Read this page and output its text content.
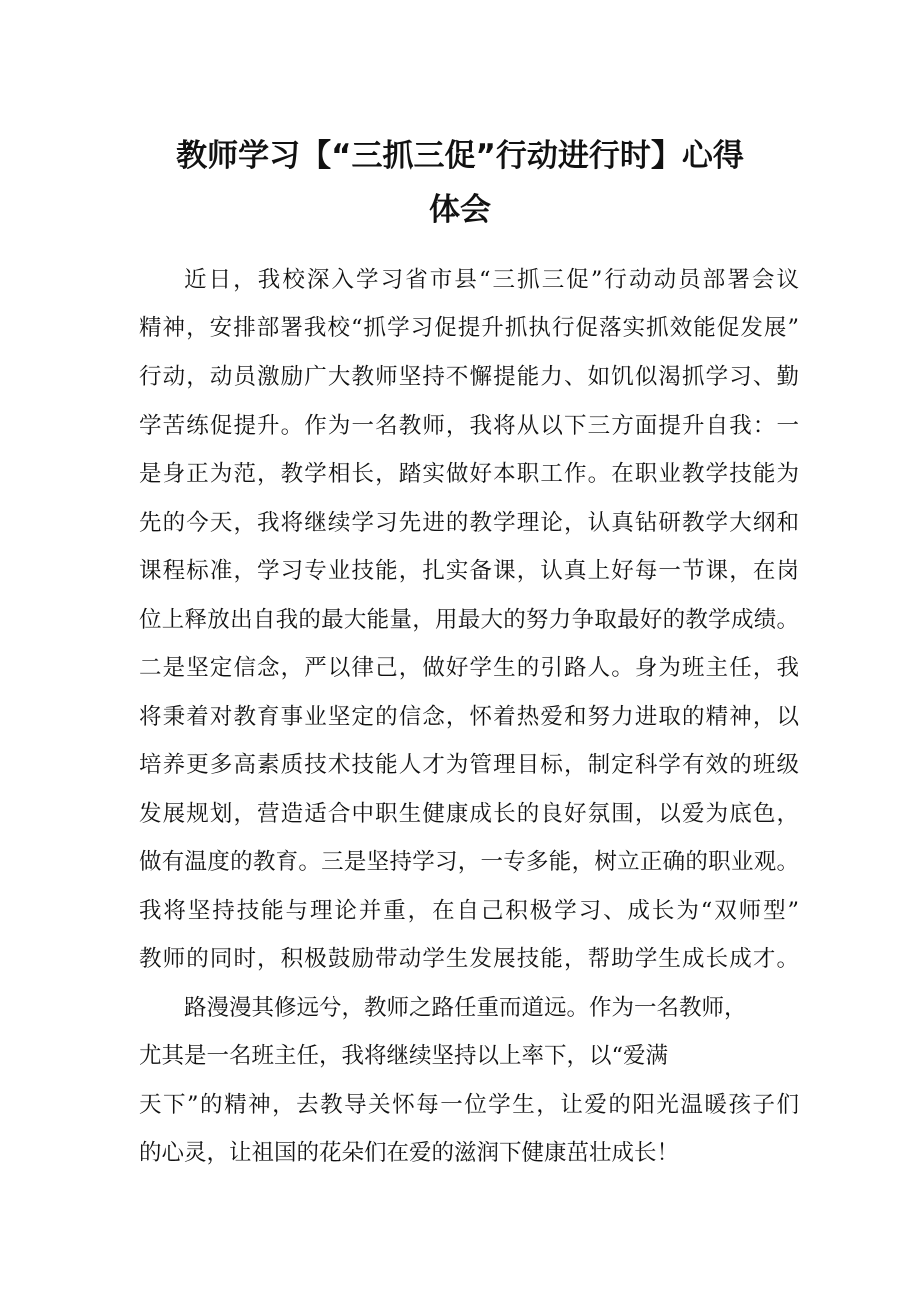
教师学习【“三抓三促”行动进行时】心得
体会
近日，我校深入学习省市县“三抓三促”行动动员部署会议
精神，安排部署我校“抓学习促提升抓执行促落实抓效能促发展”
行动，动员激励广大教师坚持不懈提能力、如饥似渴抓学习、勤
学苦练促提升。作为一名教师，我将从以下三方面提升自我：一
是身正为范，教学相长，踏实做好本职工作。在职业教学技能为
先的今天，我将继续学习先进的教学理论，认真钻研教学大纲和
课程标准，学习专业技能，扎实备课，认真上好每一节课，在岗
位上释放出自我的最大能量，用最大的努力争取最好的教学成绩。
二是坚定信念，严以律己，做好学生的引路人。身为班主任，我
将秉着对教育事业坚定的信念，怀着热爱和努力进取的精神，以
培养更多高素质技术技能人才为管理目标，制定科学有效的班级
发展规划，营造适合中职生健康成长的良好氛围，以爱为底色，
做有温度的教育。三是坚持学习，一专多能，树立正确的职业观。
我将坚持技能与理论并重，在自己积极学习、成长为“双师型”
教师的同时，积极鼓励带动学生发展技能，帮助学生成长成才。
路漫漫其修远兮，教师之路任重而道远。作为一名教师，
尤其是一名班主任，我将继续坚持以上率下，以“爱满
天下”的精神，去教导关怀每一位学生，让爱的阳光温暖孩子们
的心灵，让祖国的花朵们在爱的滋润下健康茁壮成长！
